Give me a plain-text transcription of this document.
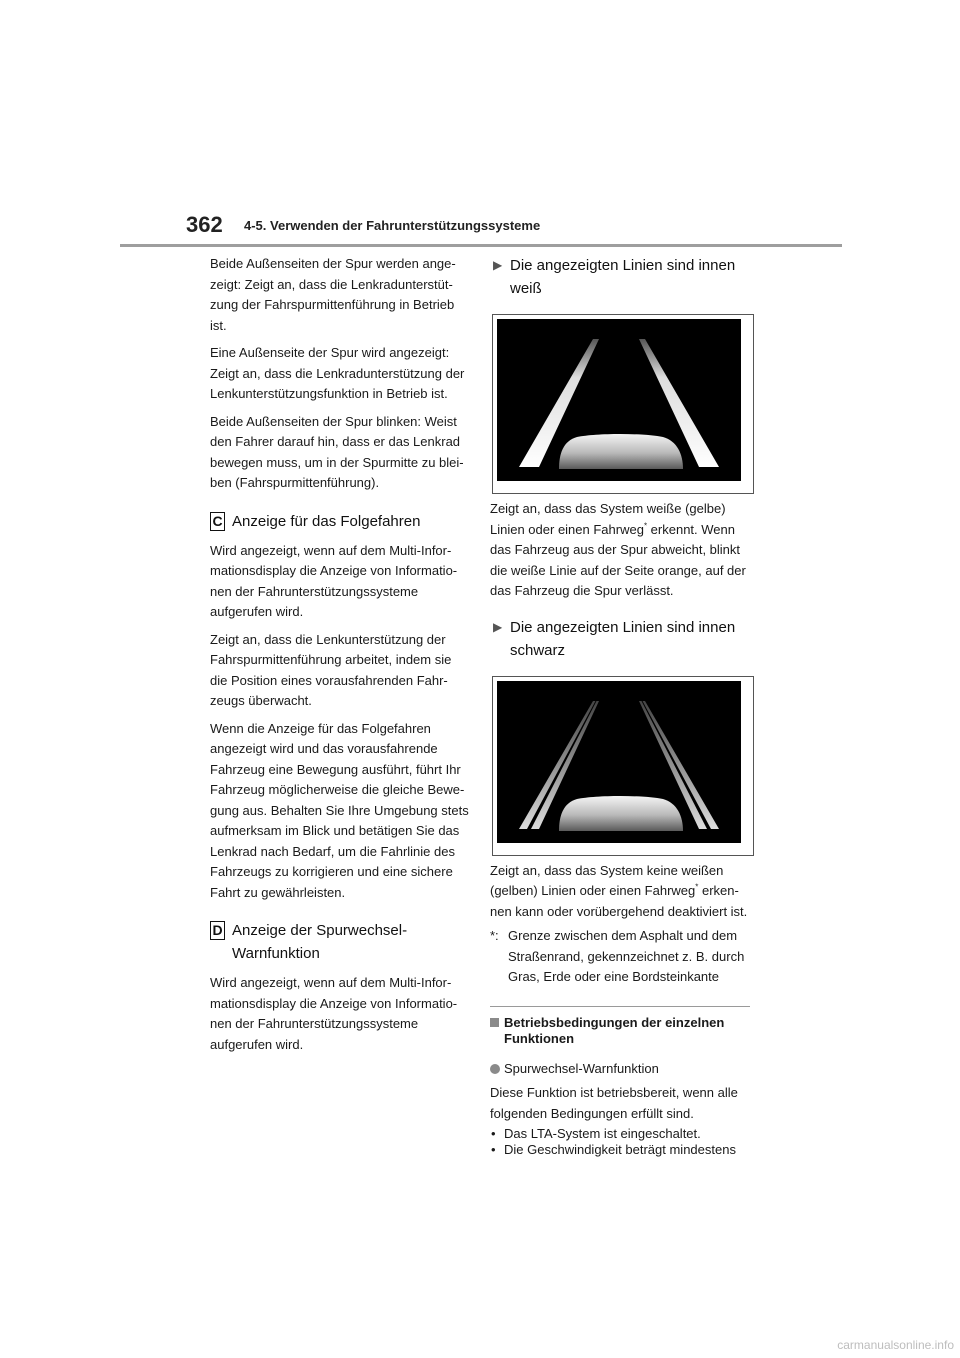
362 4-5. Verwenden der Fahrunterstützungssysteme

Beide Außenseiten der Spur werden ange-zeigt: Zeigt an, dass die Lenkradunterstüt-zung der Fahrspurmittenführung in Betrieb ist.

Eine Außenseite der Spur wird angezeigt: Zeigt an, dass die Lenkradunterstützung der Lenkunterstützungsfunktion in Betrieb ist.

Beide Außenseiten der Spur blinken: Weist den Fahrer darauf hin, dass er das Lenkrad bewegen muss, um in der Spurmitte zu blei-ben (Fahrspurmittenführung).

C Anzeige für das Folgefahren

Wird angezeigt, wenn auf dem Multi-Infor-mationsdisplay die Anzeige von Informatio-nen der Fahrunterstützungssysteme aufgerufen wird.

Zeigt an, dass die Lenkunterstützung der Fahrspurmittenführung arbeitet, indem sie die Position eines vorausfahrenden Fahr-zeugs überwacht.

Wenn die Anzeige für das Folgefahren angezeigt wird und das vorausfahrende Fahrzeug eine Bewegung ausführt, führt Ihr Fahrzeug möglicherweise die gleiche Bewe-gung aus. Behalten Sie Ihre Umgebung stets aufmerksam im Blick und betätigen Sie das Lenkrad nach Bedarf, um die Fahrlinie des Fahrzeugs zu korrigieren und eine sichere Fahrt zu gewährleisten.

D Anzeige der Spurwechsel-Warnfunktion

Wird angezeigt, wenn auf dem Multi-Infor-mationsdisplay die Anzeige von Informatio-nen der Fahrunterstützungssysteme aufgerufen wird.

▶ Die angezeigten Linien sind innen weiß

Zeigt an, dass das System weiße (gelbe) Linien oder einen Fahrweg* erkennt. Wenn das Fahrzeug aus der Spur abweicht, blinkt die weiße Linie auf der Seite orange, auf der das Fahrzeug die Spur verlässt.

▶ Die angezeigten Linien sind innen schwarz

Zeigt an, dass das System keine weißen (gelben) Linien oder einen Fahrweg* erken-nen kann oder vorübergehend deaktiviert ist.

*: Grenze zwischen dem Asphalt und dem Straßenrand, gekennzeichnet z. B. durch Gras, Erde oder eine Bordsteinkante
Betriebsbedingungen der einzelnen Funktionen
Spurwechsel-Warnfunktion

Diese Funktion ist betriebsbereit, wenn alle folgenden Bedingungen erfüllt sind.

• Das LTA-System ist eingeschaltet.
• Die Geschwindigkeit beträgt mindestens
carmanualsonline.info
